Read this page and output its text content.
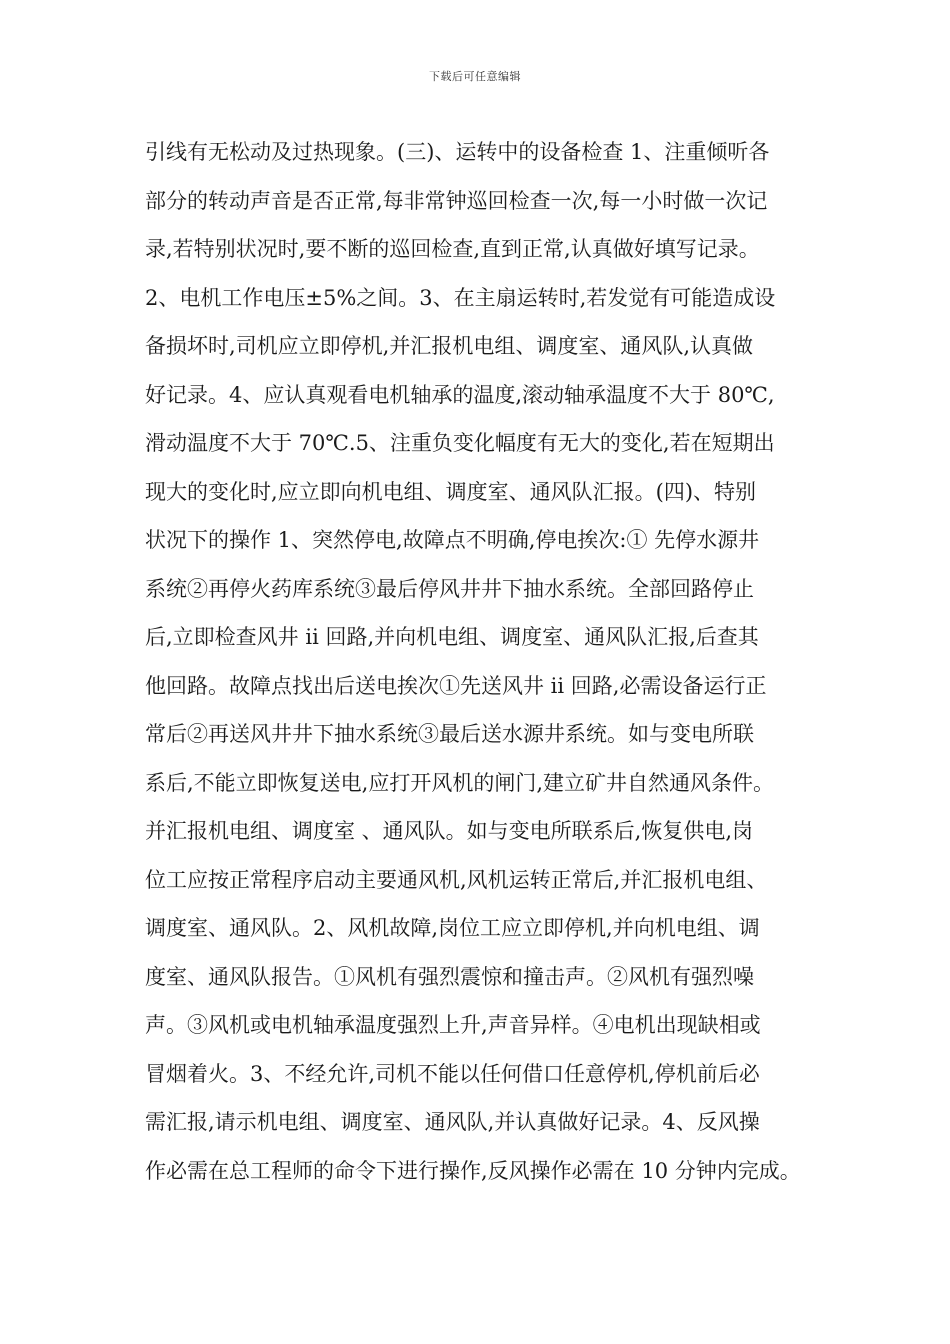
下载后可任意编辑
引线有无松动及过热现象。(三)、运转中的设备检查 1、注重倾听各
部分的转动声音是否正常,每非常钟巡回检查一次,每一小时做一次记
录,若特别状况时,要不断的巡回检查,直到正常,认真做好填写记录。
2、电机工作电压±5%之间。3、在主扇运转时,若发觉有可能造成设
备损坏时,司机应立即停机,并汇报机电组、调度室、通风队,认真做
好记录。4、应认真观看电机轴承的温度,滚动轴承温度不大于 80℃,
滑动温度不大于 70℃.5、注重负变化幅度有无大的变化,若在短期出
现大的变化时,应立即向机电组、调度室、通风队汇报。(四)、特别
状况下的操作 1、突然停电,故障点不明确,停电挨次:① 先停水源井
系统②再停火药库系统③最后停风井井下抽水系统。全部回路停止
后,立即检查风井 ii 回路,并向机电组、调度室、通风队汇报,后查其
他回路。故障点找出后送电挨次①先送风井 ii 回路,必需设备运行正
常后②再送风井井下抽水系统③最后送水源井系统。如与变电所联
系后,不能立即恢复送电,应打开风机的闸门,建立矿井自然通风条件。
并汇报机电组、调度室 、通风队。如与变电所联系后,恢复供电,岗
位工应按正常程序启动主要通风机,风机运转正常后,并汇报机电组、
调度室、通风队。2、风机故障,岗位工应立即停机,并向机电组、调
度室、通风队报告。①风机有强烈震惊和撞击声。②风机有强烈噪
声。③风机或电机轴承温度强烈上升,声音异样。④电机出现缺相或
冒烟着火。3、不经允许,司机不能以任何借口任意停机,停机前后必
需汇报,请示机电组、调度室、通风队,并认真做好记录。4、反风操
作必需在总工程师的命令下进行操作,反风操作必需在 10 分钟内完成。
